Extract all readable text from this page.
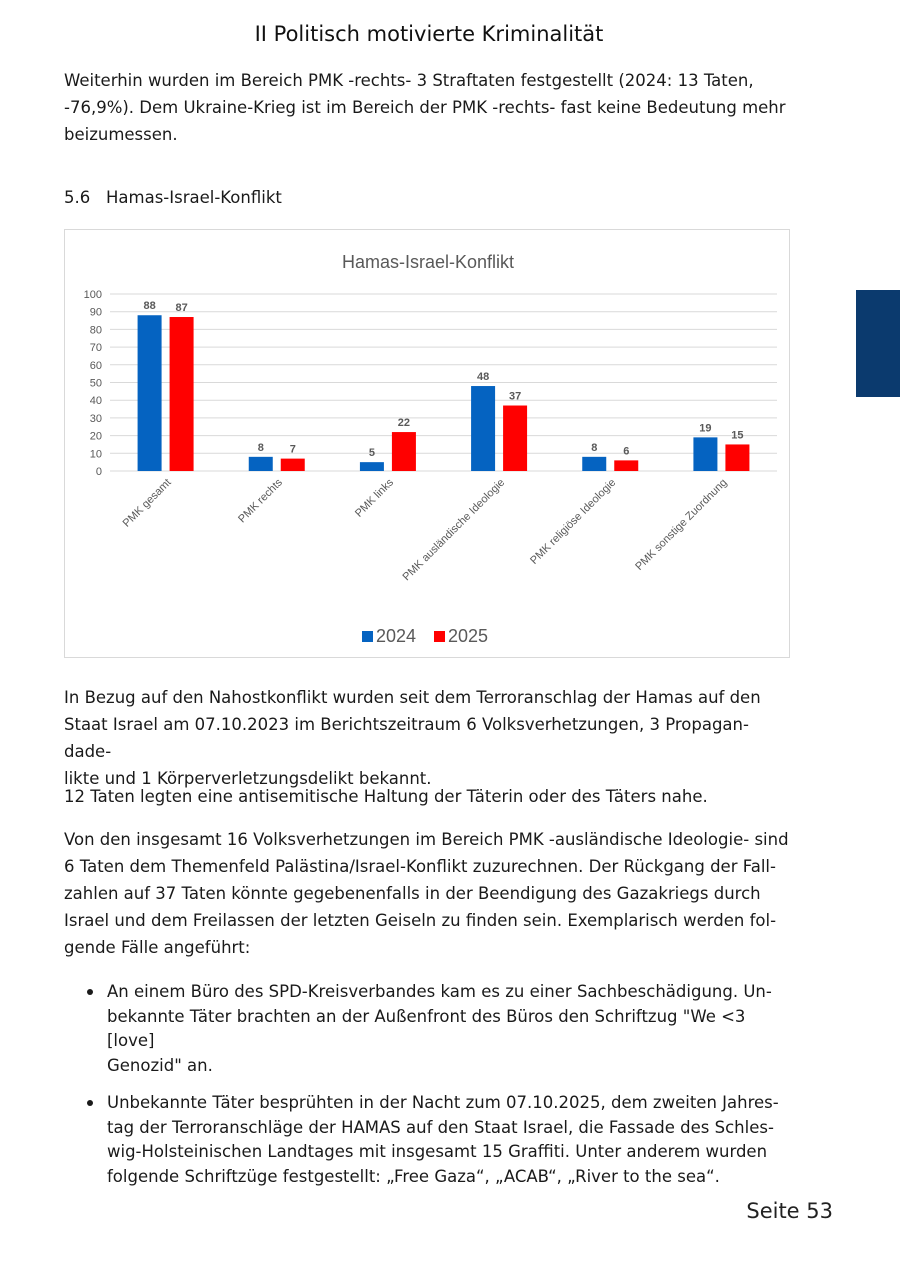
II Politisch motivierte Kriminalität

Weiterhin wurden im Bereich PMK -rechts- 3 Straftaten festgestellt (2024: 13 Taten,
-76,9%). Dem Ukraine-Krieg ist im Bereich der PMK -rechts- fast keine Bedeutung mehr
beizumessen.

5.6 Hamas-Israel-Konflikt

Hamas-Israel-Konflikt
0
10
20
30
40
50
60
70
80
90
100
88 87
PMK gesamt
8 7
PMK rechts
5
22
PMK links
48
37
PMK ausländische Ideologie
8 6
PMK religiöse Ideologie
19
15
PMK sonstige Zuordnung
2024 2025

In Bezug auf den Nahostkonflikt wurden seit dem Terroranschlag der Hamas auf den
Staat Israel am 07.10.2023 im Berichtszeitraum 6 Volksverhetzungen, 3 Propagan-dade-
likte und 1 Körperverletzungsdelikt bekannt.

12 Taten legten eine antisemitische Haltung der Täterin oder des Täters nahe.

Von den insgesamt 16 Volksverhetzungen im Bereich PMK -ausländische Ideologie- sind
6 Taten dem Themenfeld Palästina/Israel-Konflikt zuzurechnen. Der Rückgang der Fall-
zahlen auf 37 Taten könnte gegebenenfalls in der Beendigung des Gazakriegs durch
Israel und dem Freilassen der letzten Geiseln zu finden sein. Exemplarisch werden fol-
gende Fälle angeführt:

An einem Büro des SPD-Kreisverbandes kam es zu einer Sachbeschädigung. Un-
bekannte Täter brachten an der Außenfront des Büros den Schriftzug "We <3 [love]
Genozid" an.
Unbekannte Täter besprühten in der Nacht zum 07.10.2025, dem zweiten Jahres-
tag der Terroranschläge der HAMAS auf den Staat Israel, die Fassade des Schles-
wig-Holsteinischen Landtages mit insgesamt 15 Graffiti. Unter anderem wurden
folgende Schriftzüge festgestellt: „Free Gaza“, „ACAB“, „River to the sea“.
Seite 53
